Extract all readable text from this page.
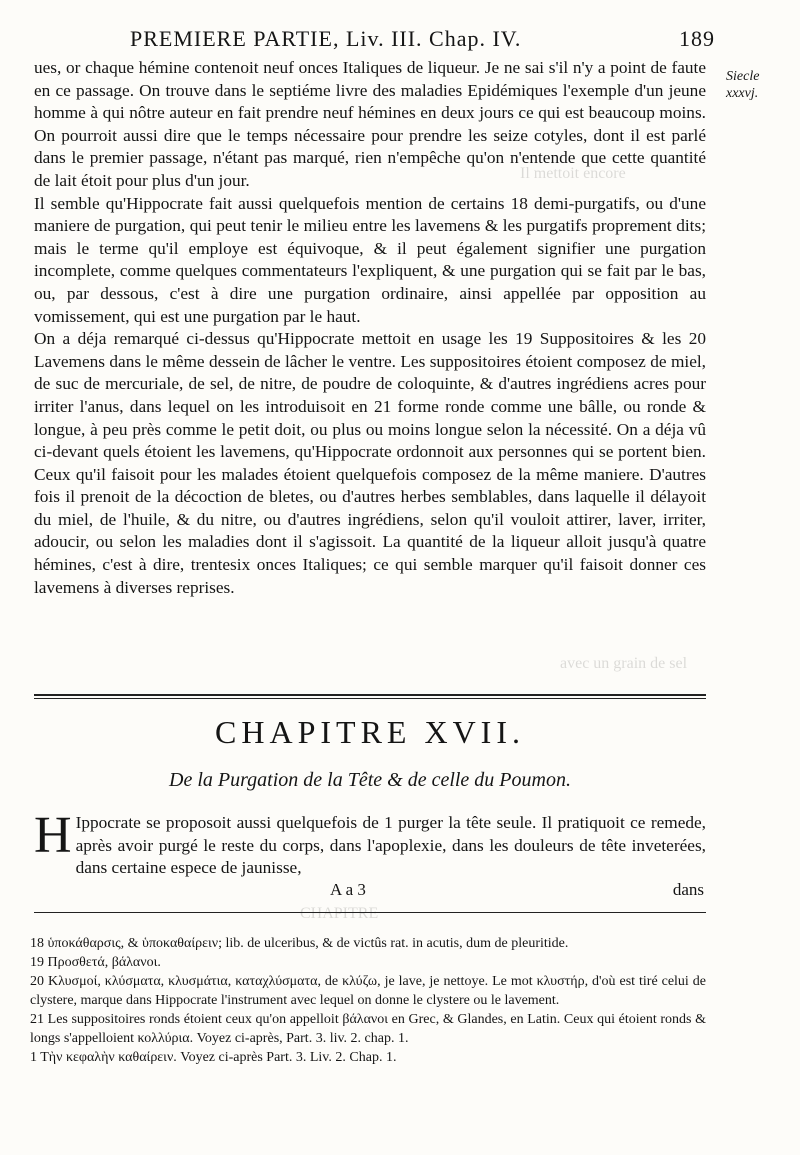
Il mettoit encore
avec un grain de sel
CHAPITRE
PREMIERE PARTIE, Liv. III. Chap. IV.	189
Siecle
xxxvj.

ues, or chaque hémine contenoit neuf onces Italiques de liqueur. Je ne sai s'il n'y a point de faute en ce passage. On trouve dans le septiéme livre des maladies Epidémiques l'exemple d'un jeune homme à qui nôtre auteur en fait prendre neuf hémines en deux jours ce qui est beaucoup moins. On pourroit aussi dire que le temps nécessaire pour prendre les seize cotyles, dont il est parlé dans le premier passage, n'étant pas marqué, rien n'empêche qu'on n'entende que cette quantité de lait étoit pour plus d'un jour.

Il semble qu'Hippocrate fait aussi quelquefois mention de certains 18 demi-purgatifs, ou d'une maniere de purgation, qui peut tenir le milieu entre les lavemens & les purgatifs proprement dits; mais le terme qu'il employe est équivoque, & il peut également signifier une purgation incomplete, comme quelques commentateurs l'expliquent, & une purgation qui se fait par le bas, ou, par dessous, c'est à dire une purgation ordinaire, ainsi appellée par opposition au vomissement, qui est une purgation par le haut.

On a déja remarqué ci-dessus qu'Hippocrate mettoit en usage les 19 Suppositoires & les 20 Lavemens dans le même dessein de lâcher le ventre. Les suppositoires étoient composez de miel, de suc de mercuriale, de sel, de nitre, de poudre de coloquinte, & d'autres ingrédiens acres pour irriter l'anus, dans lequel on les introduisoit en 21 forme ronde comme une bâlle, ou ronde & longue, à peu près comme le petit doit, ou plus ou moins longue selon la nécessité. On a déja vû ci-devant quels étoient les lavemens, qu'Hippocrate ordonnoit aux personnes qui se portent bien. Ceux qu'il faisoit pour les malades étoient quelquefois composez de la même maniere. D'autres fois il prenoit de la décoction de bletes, ou d'autres herbes semblables, dans laquelle il délayoit du miel, de l'huile, & du nitre, ou d'autres ingrédiens, selon qu'il vouloit attirer, laver, irriter, adoucir, ou selon les maladies dont il s'agissoit. La quantité de la liqueur alloit jusqu'à quatre hémines, c'est à dire, trentesix onces Italiques; ce qui semble marquer qu'il faisoit donner ces lavemens à diverses reprises.

CHAPITRE XVII.
De la Purgation de la Tête & de celle du Poumon.
H Ippocrate se proposoit aussi quelquefois de 1 purger la tête seule. Il pratiquoit ce remede, après avoir purgé le reste du corps, dans l'apoplexie, dans les douleurs de tête inveterées, dans certaine espece de jaunisse,
A a 3	dans

18 ὑποκάθαρσις, & ὑποκαθαίρειν; lib. de ulceribus, & de victûs rat. in acutis, dum de pleuritide.

19 Προσθετά, βάλανοι.

20 Κλυσμοί, κλύσματα, κλυσμάτια, καταχλύσματα, de κλύζω, je lave, je nettoye. Le mot κλυστήρ, d'où est tiré celui de clystere, marque dans Hippocrate l'instrument avec lequel on donne le clystere ou le lavement.

21 Les suppositoires ronds étoient ceux qu'on appelloit βάλανοι en Grec, & Glandes, en Latin. Ceux qui étoient ronds & longs s'appelloient κολλύρια. Voyez ci-après, Part. 3. liv. 2. chap. 1.

1 Τὴν κεφαλὴν καθαίρειν. Voyez ci-après Part. 3. Liv. 2. Chap. 1.
